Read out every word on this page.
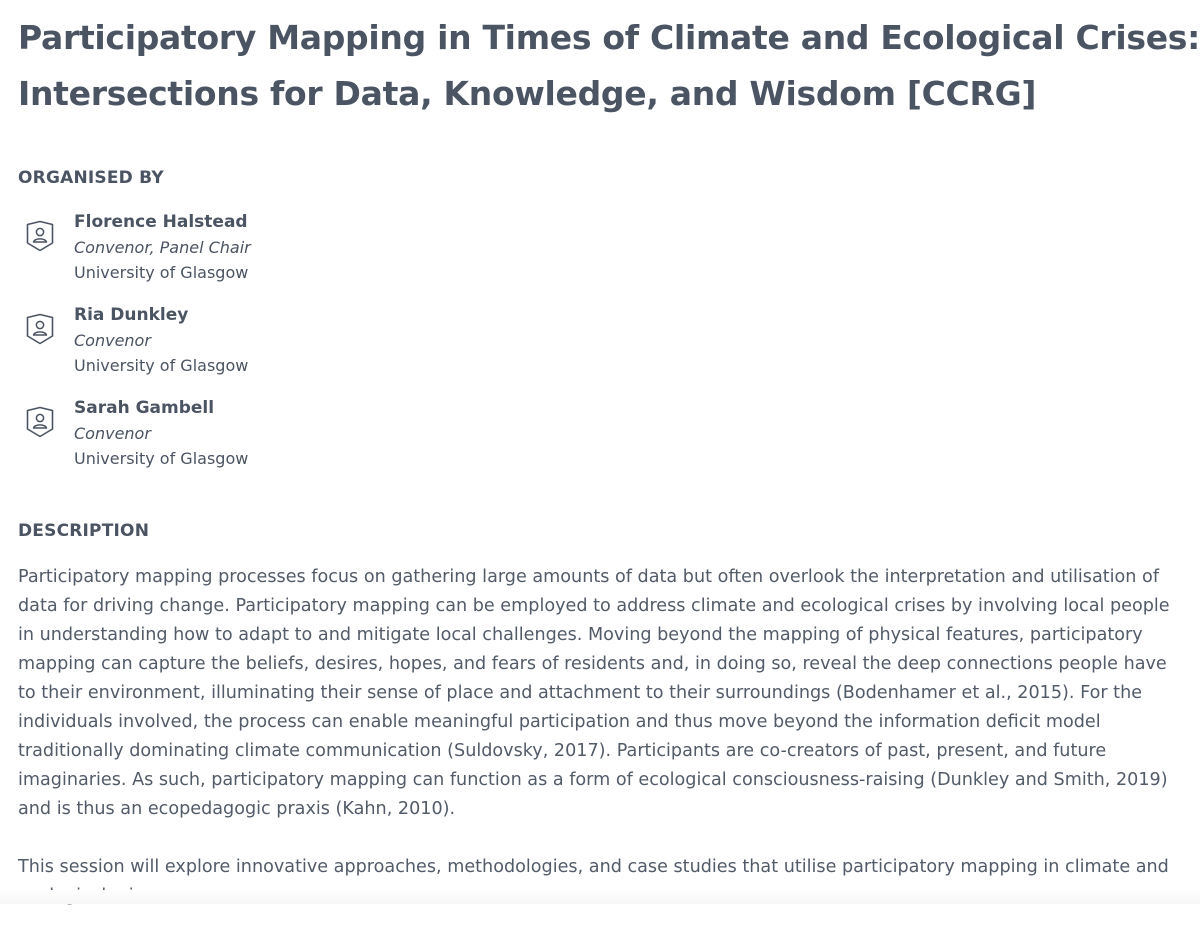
Participatory Mapping in Times of Climate and Ecological Crises:
Intersections for Data, Knowledge, and Wisdom [CCRG]
ORGANISED BY
Florence Halstead
Convenor, Panel Chair
University of Glasgow
Ria Dunkley
Convenor
University of Glasgow
Sarah Gambell
Convenor
University of Glasgow
DESCRIPTION

Participatory mapping processes focus on gathering large amounts of data but often overlook the interpretation and utilisation of data for driving change. Participatory mapping can be employed to address climate and ecological crises by involving local people in understanding how to adapt to and mitigate local challenges. Moving beyond the mapping of physical features, participatory mapping can capture the beliefs, desires, hopes, and fears of residents and, in doing so, reveal the deep connections people have to their environment, illuminating their sense of place and attachment to their surroundings (Bodenhamer et al., 2015). For the individuals involved, the process can enable meaningful participation and thus move beyond the information deficit model traditionally dominating climate communication (Suldovsky, 2017). Participants are co-creators of past, present, and future imaginaries. As such, participatory mapping can function as a form of ecological consciousness-raising (Dunkley and Smith, 2019) and is thus an ecopedagogic praxis (Kahn, 2010).

This session will explore innovative approaches, methodologies, and case studies that utilise participatory mapping in climate and
